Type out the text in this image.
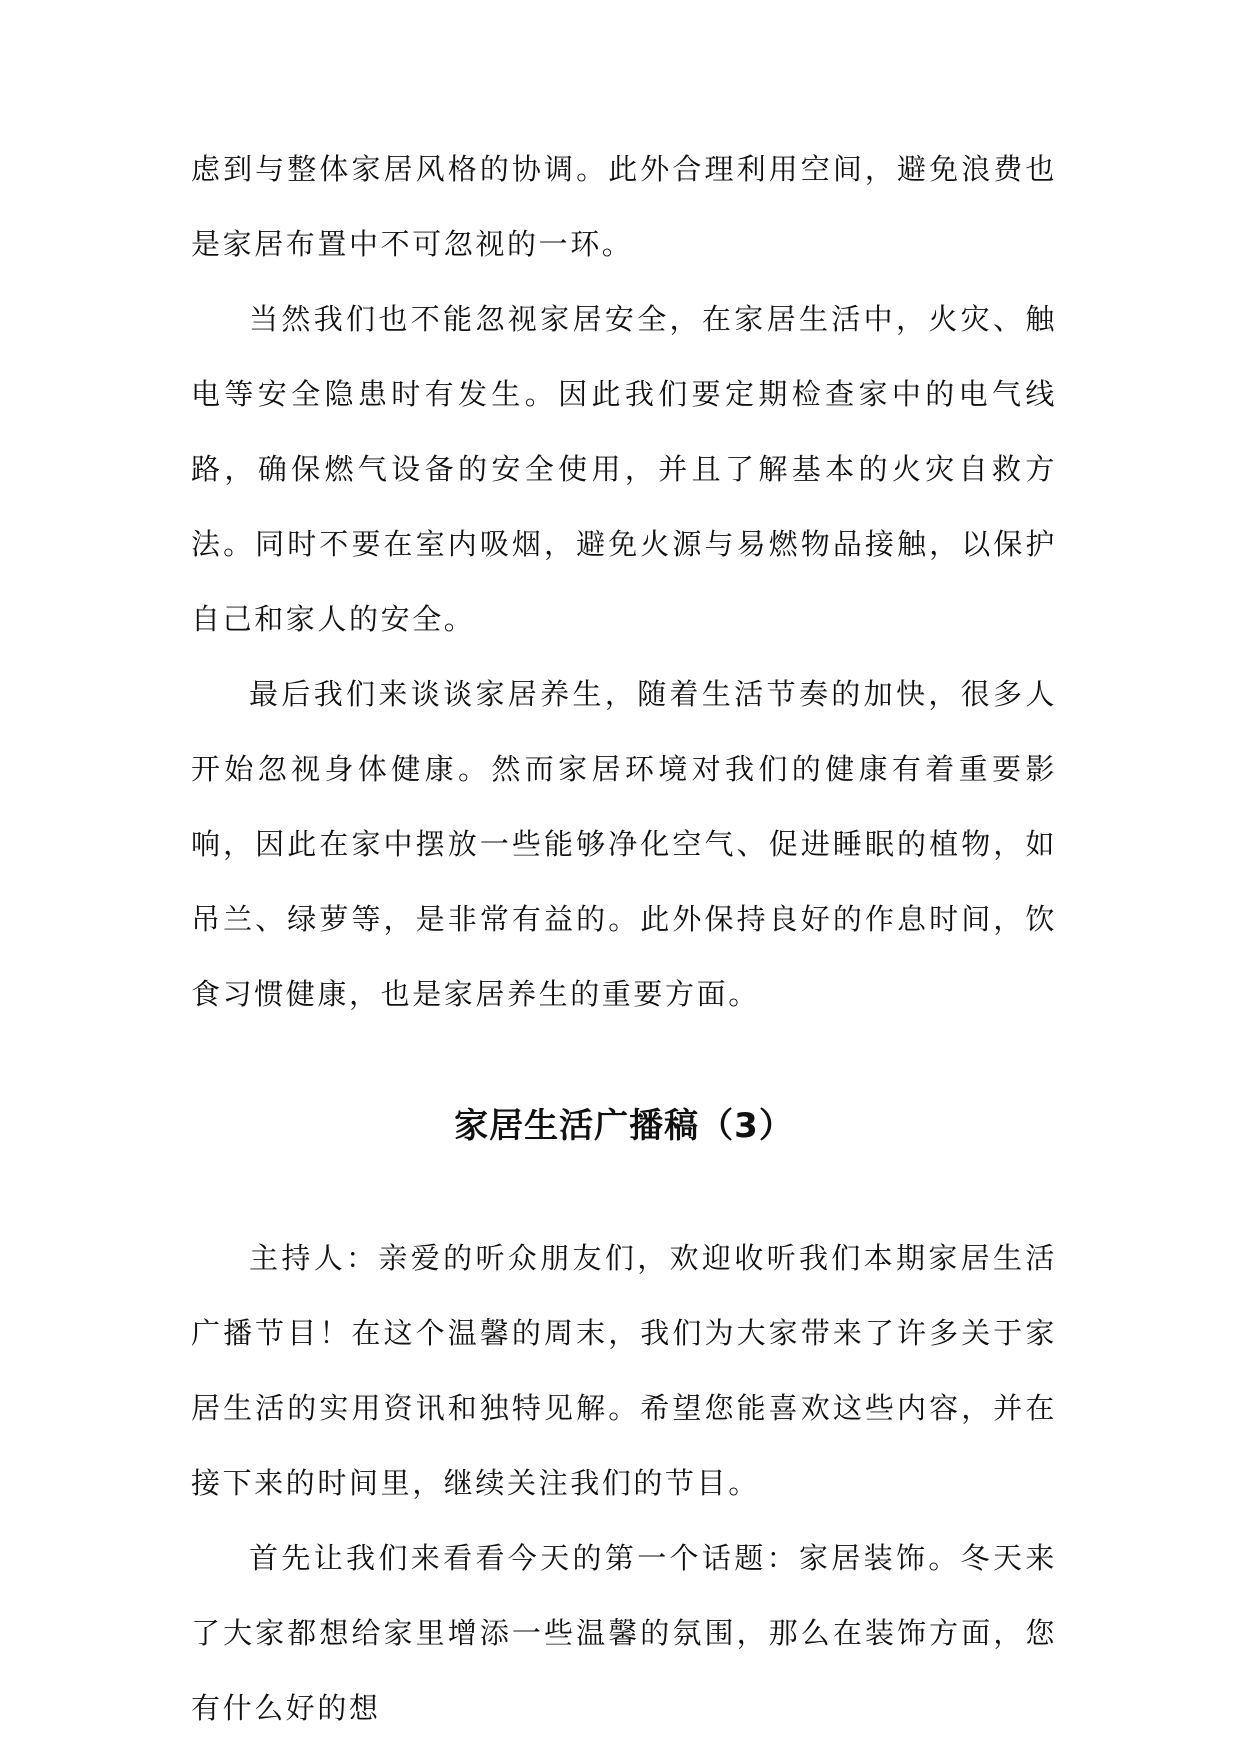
虑到与整体家居风格的协调。此外合理利用空间，避免浪费也是家居布置中不可忽视的一环。

当然我们也不能忽视家居安全，在家居生活中，火灾、触电等安全隐患时有发生。因此我们要定期检查家中的电气线路，确保燃气设备的安全使用，并且了解基本的火灾自救方法。同时不要在室内吸烟，避免火源与易燃物品接触，以保护自己和家人的安全。

最后我们来谈谈家居养生，随着生活节奏的加快，很多人开始忽视身体健康。然而家居环境对我们的健康有着重要影响，因此在家中摆放一些能够净化空气、促进睡眠的植物，如吊兰、绿萝等，是非常有益的。此外保持良好的作息时间，饮食习惯健康，也是家居养生的重要方面。

家居生活广播稿（3）

主持人：亲爱的听众朋友们，欢迎收听我们本期家居生活广播节目！在这个温馨的周末，我们为大家带来了许多关于家居生活的实用资讯和独特见解。希望您能喜欢这些内容，并在接下来的时间里，继续关注我们的节目。

首先让我们来看看今天的第一个话题：家居装饰。冬天来了大家都想给家里增添一些温馨的氛围，那么在装饰方面，您有什么好的想
